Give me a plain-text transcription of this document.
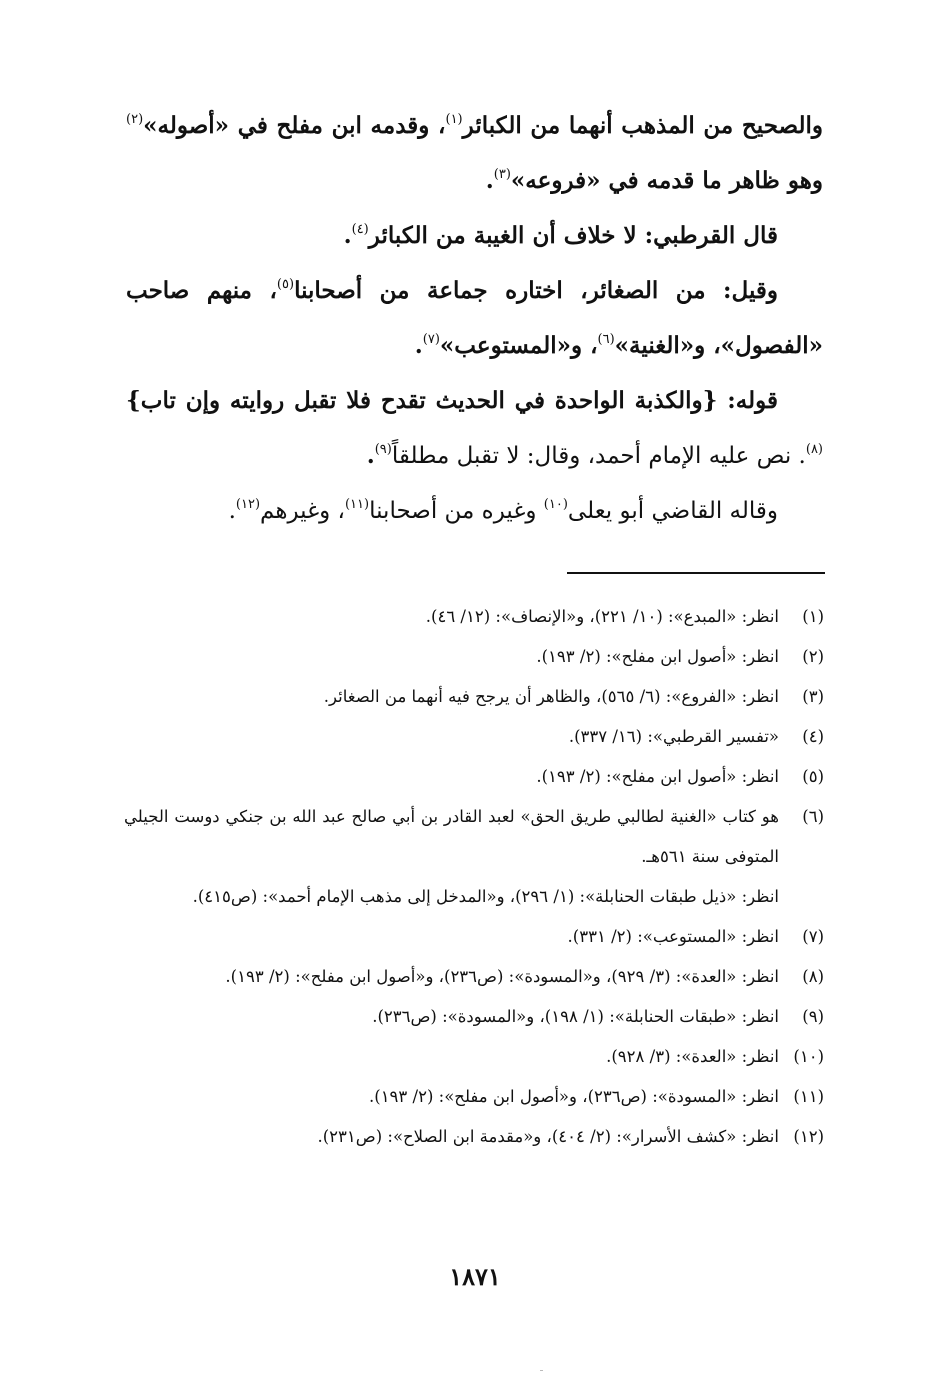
والصحيح من المذهب أنهما من الكبائر$^{(١)}$، وقدمه ابن مفلح في «أصوله»$^{(٢)}$ وهو ظاهر ما قدمه في «فروعه»$^{(٣)}$.

قال القرطبي: لا خلاف أن الغيبة من الكبائر$^{(٤)}$.

وقيل: من الصغائر، اختاره جماعة من أصحابنا$^{(٥)}$، منهم صاحب «الفصول»، و«الغنية»$^{(٦)}$، و«المستوعب»$^{(٧)}$.

قوله: {والكذبة الواحدة في الحديث تقدح فلا تقبل روايته وإن تاب}$^{(٨)}$. نص عليه الإمام أحمد، وقال: لا تقبل مطلقاً$^{(٩)}$.

وقاله القاضي أبو يعلى$^{(١٠)}$ وغيره من أصحابنا$^{(١١)}$، وغيرهم$^{(١٢)}$.

(١)

انظر: «المبدع»: (١٠/ ٢٢١)، و«الإنصاف»: (١٢/ ٤٦).

(٢)

انظر: «أصول ابن مفلح»: (٢/ ١٩٣).

(٣)

انظر: «الفروع»: (٦/ ٥٦٥)، والظاهر أن يرجح فيه أنهما من الصغائر.

(٤)

«تفسير القرطبي»: (١٦/ ٣٣٧).

(٥)

انظر: «أصول ابن مفلح»: (٢/ ١٩٣).

(٦)

هو كتاب «الغنية لطالبي طريق الحق» لعبد القادر بن أبي صالح عبد الله بن جنكي دوست الجيلي المتوفى سنة ٥٦١هـ.

انظر: «ذيل طبقات الحنابلة»: (١/ ٢٩٦)، و«المدخل إلى مذهب الإمام أحمد»: (ص٤١٥).

(٧)

انظر: «المستوعب»: (٢/ ٣٣١).

(٨)

انظر: «العدة»: (٣/ ٩٢٩)، و«المسودة»: (ص٢٣٦)، و«أصول ابن مفلح»: (٢/ ١٩٣).

(٩)

انظر: «طبقات الحنابلة»: (١/ ١٩٨)، و«المسودة»: (ص٢٣٦).

(١٠)

انظر: «العدة»: (٣/ ٩٢٨).

(١١)

انظر: «المسودة»: (ص٢٣٦)، و«أصول ابن مفلح»: (٢/ ١٩٣).

(١٢)

انظر: «كشف الأسرار»: (٢/ ٤٠٤)، و«مقدمة ابن الصلاح»: (ص٢٣١).

١٨٧١
